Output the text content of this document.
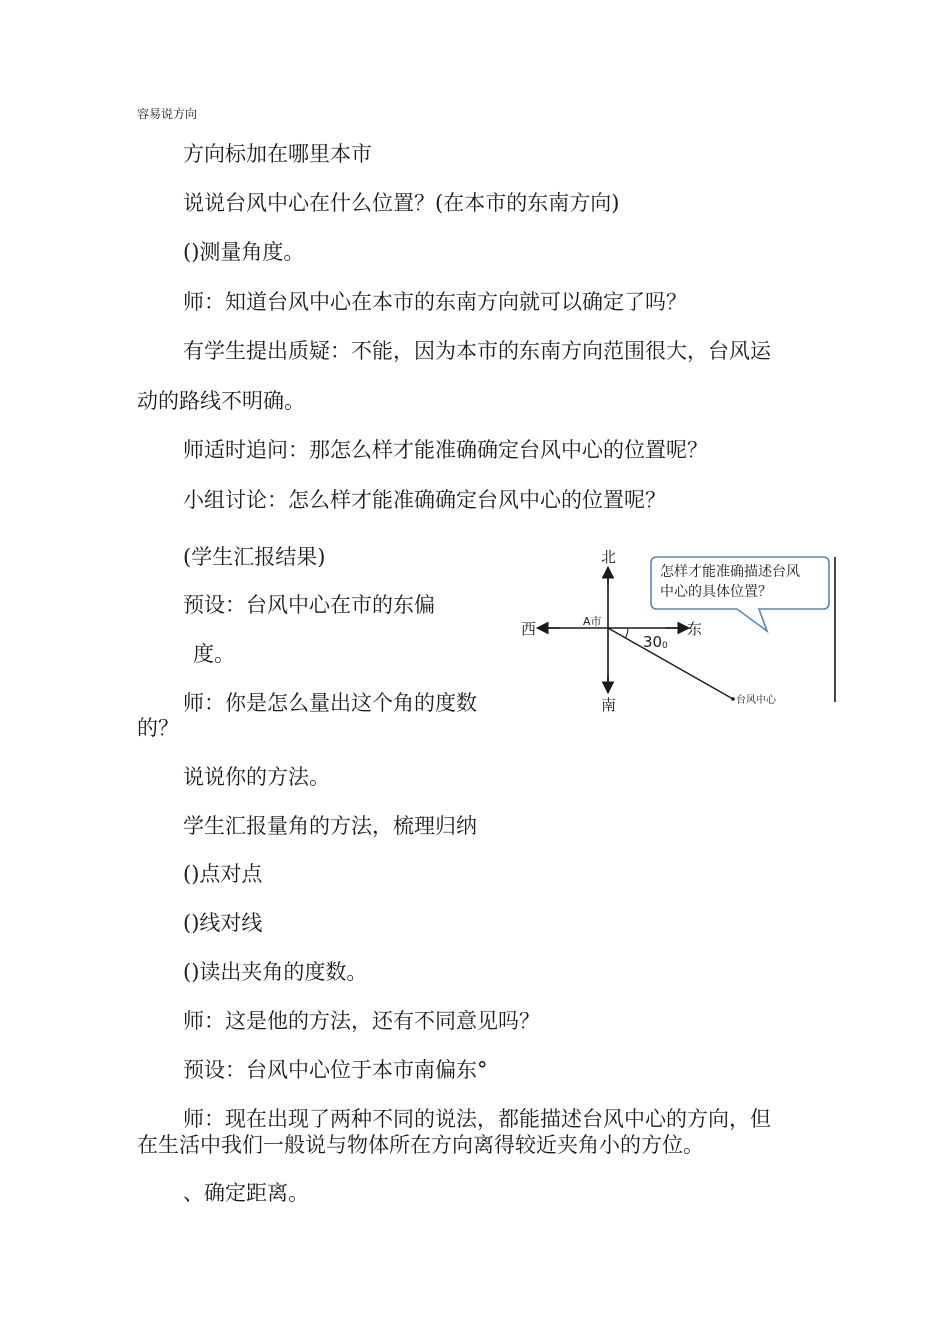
容易说方向
方向标加在哪里本市
说说台风中心在什么位置？(在本市的东南方向)
()测量角度。
师：知道台风中心在本市的东南方向就可以确定了吗？
有学生提出质疑：不能，因为本市的东南方向范围很大，台风运
动的路线不明确。
师适时追问：那怎么样才能准确确定台风中心的位置呢？
小组讨论：怎么样才能准确确定台风中心的位置呢？
(学生汇报结果)
预设：台风中心在市的东偏
度。
师：你是怎么量出这个角的度数
的？
说说你的方法。
学生汇报量角的方法，梳理归纳
()点对点
()线对线
()读出夹角的度数。
师：这是他的方法，还有不同意见吗？
预设：台风中心位于本市南偏东°
师：现在出现了两种不同的说法，都能描述台风中心的方向，但
在生活中我们一般说与物体所在方向离得较近夹角小的方位。
、确定距离。
北
南
西	东
A市
30 0
台风中心
怎样才能准确描述台风
中心的具体位置？
